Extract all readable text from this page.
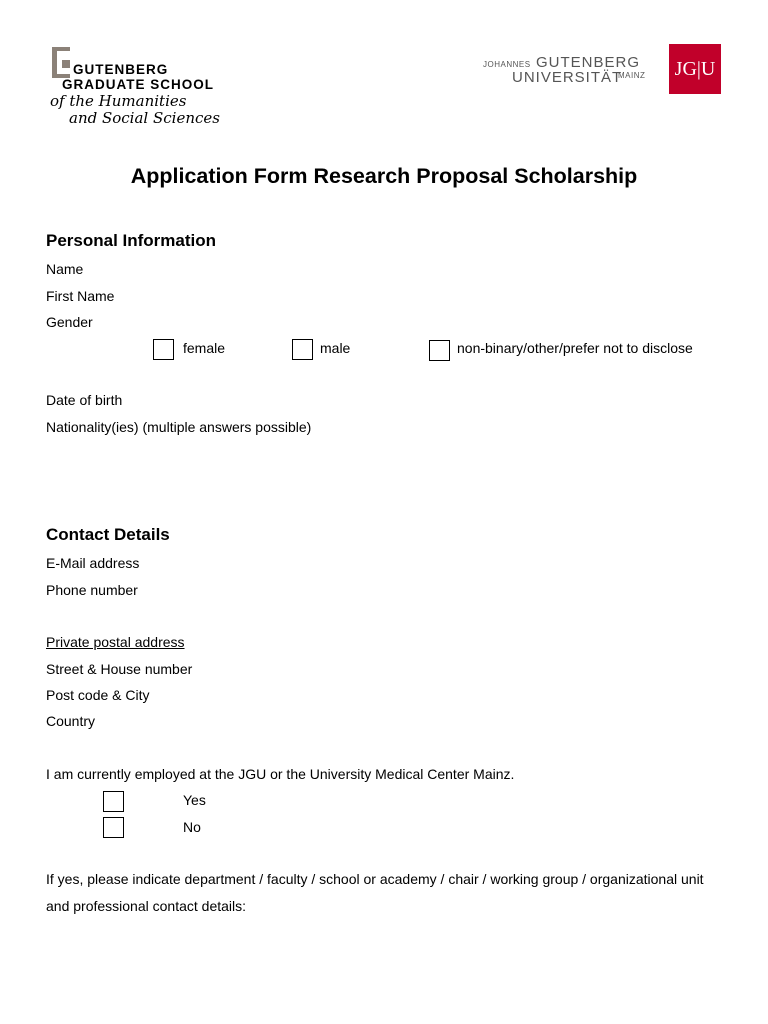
GUTENBERG
GRADUATE SCHOOL
of the Humanities
and Social Sciences
JOHANNES GUTENBERG
UNIVERSITÄT
MAINZ JG|U
Application Form Research Proposal Scholarship
Personal Information
Name
First Name
Gender
female	male	non-binary/other/prefer not to disclose
Date of birth
Nationality(ies) (multiple answers possible)
Contact Details
E-Mail address
Phone number
Private postal address
Street & House number
Post code & City
Country
I am currently employed at the JGU or the University Medical Center Mainz.
Yes
No
If yes, please indicate department / faculty / school or academy / chair / working group / organizational unit
and professional contact details:
